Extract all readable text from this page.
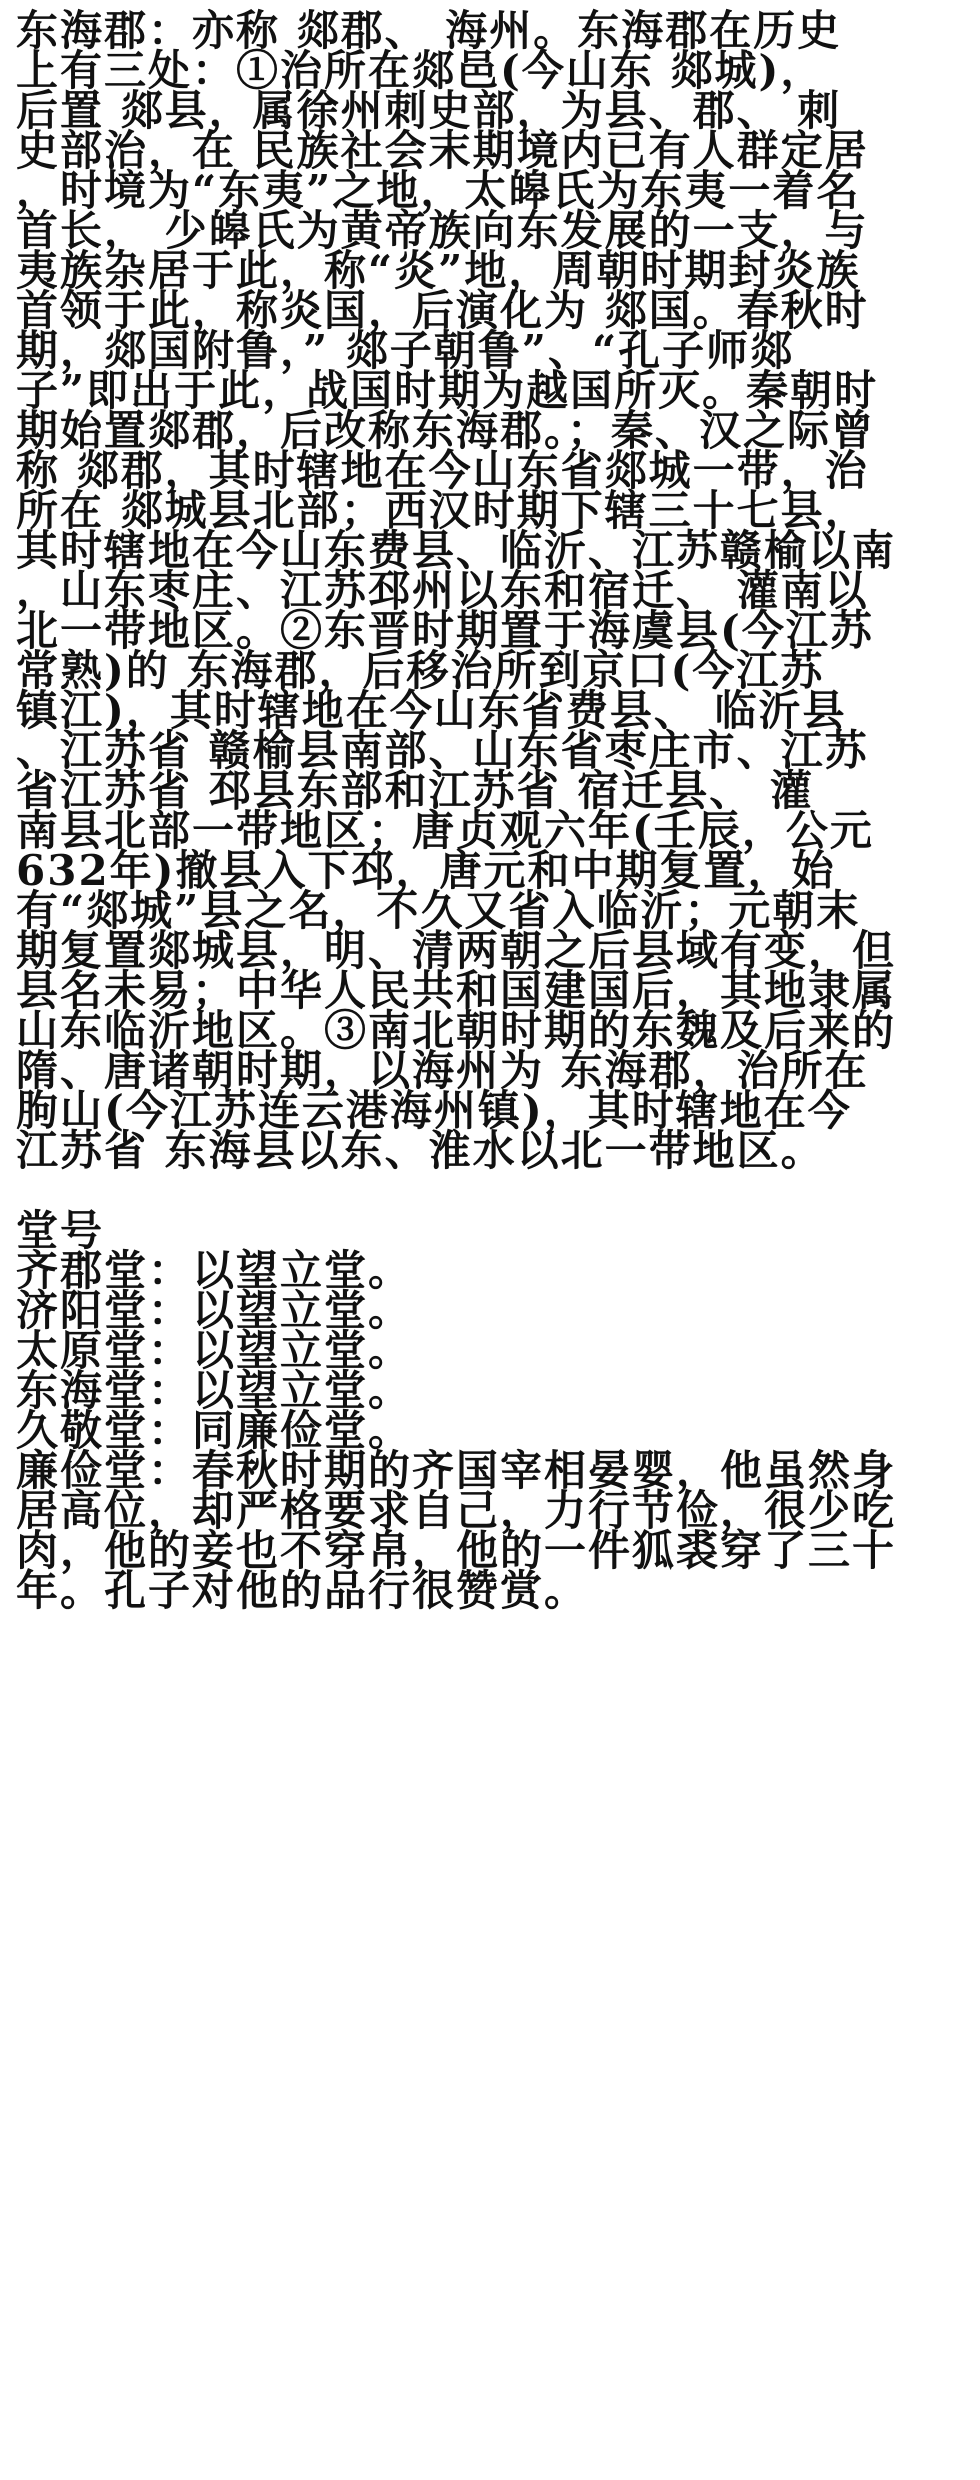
东海郡：亦称 郯郡、 海州。东海郡在历史

上有三处：①治所在郯邑(今山东 郯城)，

后置 郯县，属徐州刺史部，为县、郡、 刺

史部治，在 民族社会末期境内已有人群定居

，时境为“东夷”之地，太皞氏为东夷一着名

首长， 少皞氏为黄帝族向东发展的一支，与

夷族杂居于此，称“炎”地，周朝时期封炎族

首领于此，称炎国，后演化为 郯国。春秋时

期，郯国附鲁，” 郯子朝鲁”、“孔子师郯

子”即出于此，战国时期为越国所灭。秦朝时

期始置郯郡，后改称东海郡。；秦、汉之际曾

称 郯郡，其时辖地在今山东省郯城一带，治

所在 郯城县北部；西汉时期下辖三十七县，

其时辖地在今山东费县、临沂、江苏赣榆以南

，山东枣庄、江苏邳州以东和宿迁、 灌南以

北一带地区。②东晋时期置于海虞县(今江苏

常熟)的 东海郡，后移治所到京口(今江苏

镇江)，其时辖地在今山东省费县、 临沂县

、江苏省 赣榆县南部、山东省枣庄市、江苏

省江苏省 邳县东部和江苏省 宿迁县、 灌

南县北部一带地区；唐贞观六年(壬辰，公元

632年)撤县入下邳，唐元和中期复置，始

有“郯城”县之名，不久又省入临沂；元朝末

期复置郯城县，明、清两朝之后县域有变，但

县名未易；中华人民共和国建国后，其地隶属

山东临沂地区。③南北朝时期的东魏及后来的

隋、唐诸朝时期，以海州为 东海郡，治所在

朐山(今江苏连云港海州镇)，其时辖地在今

江苏省 东海县以东、淮水以北一带地区。

堂号

齐郡堂：以望立堂。

济阳堂：以望立堂。

太原堂：以望立堂。

东海堂：以望立堂。

久敬堂：同廉俭堂。

廉俭堂：春秋时期的齐国宰相晏婴，他虽然身

居高位，却严格要求自己，力行节俭，很少吃

肉，他的妾也不穿帛，他的一件狐裘穿了三十

年。孔子对他的品行很赞赏。
